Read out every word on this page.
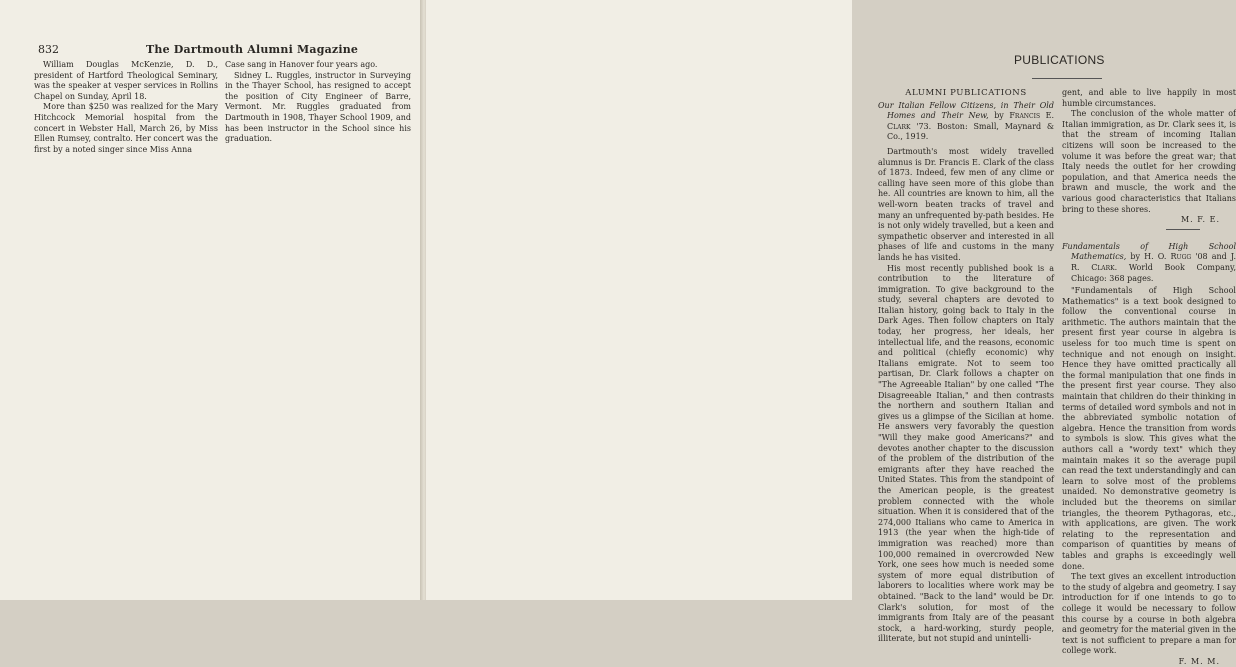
832	The Dartmouth Alumni Magazine

William Douglas McKenzie, D. D., president of Hartford Theological Seminary, was the speaker at vesper services in Rollins Chapel on Sunday, April 18.

More than $250 was realized for the Mary Hitchcock Memorial hospital from the concert in Webster Hall, March 26, by Miss Ellen Rumsey, contralto. Her concert was the first by a noted singer since Miss Anna

Case sang in Hanover four years ago.

Sidney L. Ruggles, instructor in Surveying in the Thayer School, has resigned to accept the position of City Engineer of Barre, Vermont. Mr. Ruggles graduated from Dartmouth in 1908, Thayer School 1909, and has been instructor in the School since his graduation.

PUBLICATIONS
ALUMNI PUBLICATIONS

Our Italian Fellow Citizens, in Their Old Homes and Their New, by Francis E. Clark '73. Boston: Small, Maynard & Co., 1919.

Dartmouth's most widely travelled alumnus is Dr. Francis E. Clark of the class of 1873. Indeed, few men of any clime or calling have seen more of this globe than he. All countries are known to him, all the well-worn beaten tracks of travel and many an unfrequented by-path besides. He is not only widely travelled, but a keen and sympathetic observer and interested in all phases of life and customs in the many lands he has visited.

His most recently published book is a contribution to the literature of immigration. To give background to the study, several chapters are devoted to Italian history, going back to Italy in the Dark Ages. Then follow chapters on Italy today, her progress, her ideals, her intellectual life, and the reasons, economic and political (chiefly economic) why Italians emigrate. Not to seem too partisan, Dr. Clark follows a chapter on "The Agreeable Italian" by one called "The Disagreeable Italian," and then contrasts the northern and southern Italian and gives us a glimpse of the Sicilian at home. He answers very favorably the question "Will they make good Americans?" and devotes another chapter to the discussion of the problem of the distribution of the emigrants after they have reached the United States. This from the standpoint of the American people, is the greatest problem connected with the whole situation. When it is considered that of the 274,000 Italians who came to America in 1913 (the year when the high-tide of immigration was reached) more than 100,000 remained in overcrowded New York, one sees how much is needed some system of more equal distribution of laborers to localities where work may be obtained. "Back to the land" would be Dr. Clark's solution, for most of the immigrants from Italy are of the peasant stock, a hard-working, sturdy people, illiterate, but not stupid and unintelli-

gent, and able to live happily in most humble circumstances.

The conclusion of the whole matter of Italian immigration, as Dr. Clark sees it, is that the stream of incoming Italian citizens will soon be increased to the volume it was before the great war; that Italy needs the outlet for her crowding population, and that America needs the brawn and muscle, the work and the various good characteristics that Italians bring to these shores.

M. F. E.

Fundamentals of High School Mathematics, by H. O. Rugg '08 and J. R. Clark. World Book Company, Chicago: 368 pages.

"Fundamentals of High School Mathematics" is a text book designed to follow the conventional course in arithmetic. The authors maintain that the present first year course in algebra is useless for too much time is spent on technique and not enough on insight. Hence they have omitted practically all the formal manipulation that one finds in the present first year course. They also maintain that children do their thinking in terms of detailed word symbols and not in the abbreviated symbolic notation of algebra. Hence the transition from words to symbols is slow. This gives what the authors call a "wordy text" which they maintain makes it so the average pupil can read the text understandingly and can learn to solve most of the problems unaided. No demonstrative geometry is included but the theorems on similar triangles, the theorem Pythagoras, etc., with applications, are given. The work relating to the representation and comparison of quantities by means of tables and graphs is exceedingly well done.

The text gives an excellent introduction to the study of algebra and geometry. I say introduction for if one intends to go to college it would be necessary to follow this course by a course in both algebra and geometry for the material given in the text is not sufficient to prepare a man for college work.

F. M. M.
